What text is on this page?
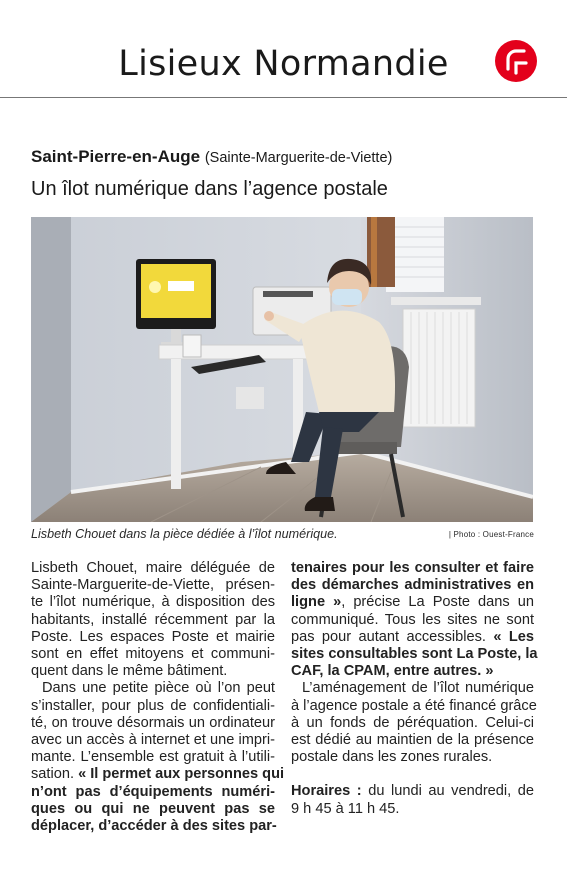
Lisieux Normandie
Saint-Pierre-en-Auge (Sainte-Marguerite-de-Viette)
Un îlot numérique dans l’agence postale
Lisbeth Chouet dans la pièce dédiée à l’îlot numérique.	| Photo : Ouest-France
Lisbeth Chouet, maire déléguée de
Sainte-Marguerite-de-Viette, présen-
te l’îlot numérique, à disposition des
habitants, installé récemment par la
Poste. Les espaces Poste et mairie
sont en effet mitoyens et communi-
quent dans le même bâtiment.
Dans une petite pièce où l’on peut
s’installer, pour plus de confidentiali-
té, on trouve désormais un ordinateur
avec un accès à internet et une impri-
mante. L’ensemble est gratuit à l’utili-
sation. « Il permet aux personnes qui
n’ont pas d’équipements numéri-
ques ou qui ne peuvent pas se
déplacer, d’accéder à des sites par-
tenaires pour les consulter et faire
des démarches administratives en
ligne », précise La Poste dans un
communiqué. Tous les sites ne sont
pas pour autant accessibles. « Les
sites consultables sont La Poste, la
CAF, la CPAM, entre autres. »
L’aménagement de l’îlot numérique
à l’agence postale a été financé grâce
à un fonds de péréquation. Celui-ci
est dédié au maintien de la présence
postale dans les zones rurales.
Horaires : du lundi au vendredi, de
9 h 45 à 11 h 45.
